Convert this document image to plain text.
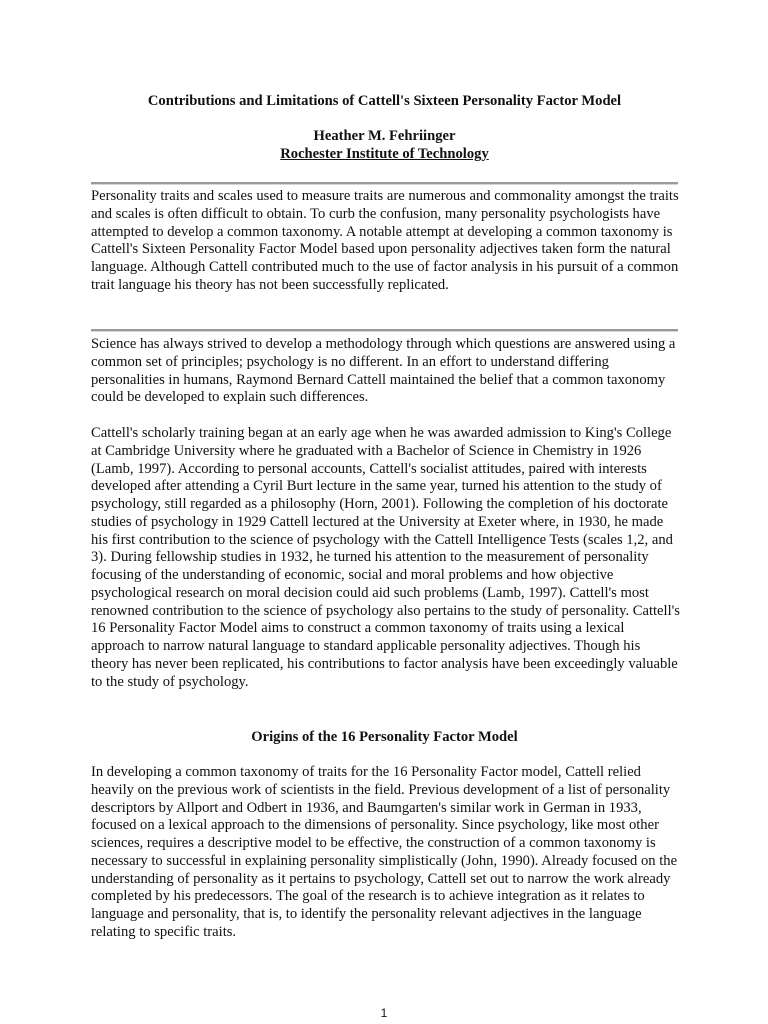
Contributions and Limitations of Cattell's Sixteen Personality Factor Model

Heather M. Fehriinger

Rochester Institute of Technology

Personality traits and scales used to measure traits are numerous and commonality amongst the traits and scales is often difficult to obtain. To curb the confusion, many personality psychologists have attempted to develop a common taxonomy. A notable attempt at developing a common taxonomy is Cattell's Sixteen Personality Factor Model based upon personality adjectives taken form the natural language. Although Cattell contributed much to the use of factor analysis in his pursuit of a common trait language his theory has not been successfully replicated.

Science has always strived to develop a methodology through which questions are answered using a common set of principles; psychology is no different. In an effort to understand differing personalities in humans, Raymond Bernard Cattell maintained the belief that a common taxonomy could be developed to explain such differences.

Cattell's scholarly training began at an early age when he was awarded admission to King's College at Cambridge University where he graduated with a Bachelor of Science in Chemistry in 1926 (Lamb, 1997). According to personal accounts, Cattell's socialist attitudes, paired with interests developed after attending a Cyril Burt lecture in the same year, turned his attention to the study of psychology, still regarded as a philosophy (Horn, 2001). Following the completion of his doctorate studies of psychology in 1929 Cattell lectured at the University at Exeter where, in 1930, he made his first contribution to the science of psychology with the Cattell Intelligence Tests (scales 1,2, and 3). During fellowship studies in 1932, he turned his attention to the measurement of personality focusing of the understanding of economic, social and moral problems and how objective psychological research on moral decision could aid such problems (Lamb, 1997). Cattell's most renowned contribution to the science of psychology also pertains to the study of personality. Cattell's 16 Personality Factor Model aims to construct a common taxonomy of traits using a lexical approach to narrow natural language to standard applicable personality adjectives. Though his theory has never been replicated, his contributions to factor analysis have been exceedingly valuable to the study of psychology.

Origins of the 16 Personality Factor Model

In developing a common taxonomy of traits for the 16 Personality Factor model, Cattell relied heavily on the previous work of scientists in the field. Previous development of a list of personality descriptors by Allport and Odbert in 1936, and Baumgarten's similar work in German in 1933, focused on a lexical approach to the dimensions of personality. Since psychology, like most other sciences, requires a descriptive model to be effective, the construction of a common taxonomy is necessary to successful in explaining personality simplistically (John, 1990). Already focused on the understanding of personality as it pertains to psychology, Cattell set out to narrow the work already completed by his predecessors. The goal of the research is to achieve integration as it relates to language and personality, that is, to identify the personality relevant adjectives in the language relating to specific traits.

1
